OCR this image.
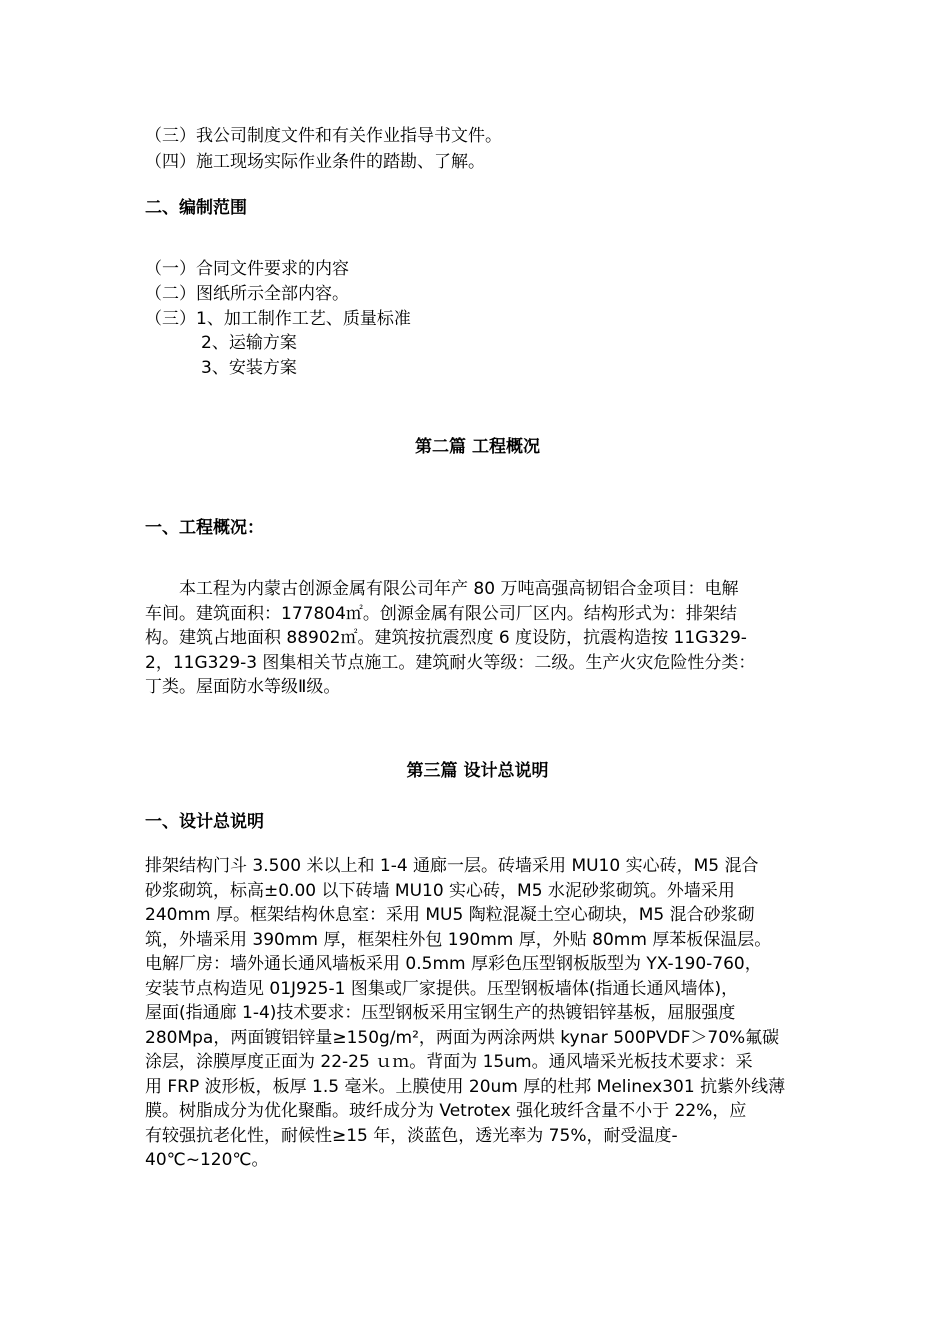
（三）我公司制度文件和有关作业指导书文件。
（四）施工现场实际作业条件的踏勘、了解。
二、编制范围
（一）合同文件要求的内容
（二）图纸所示全部内容。
（三）1、加工制作工艺、质量标准
2、运输方案
3、安装方案
第二篇 工程概况
一、工程概况：
　　本工程为内蒙古创源金属有限公司年产 80 万吨高强高韧铝合金项目：电解
车间。建筑面积：177804㎡。创源金属有限公司厂区内。结构形式为：排架结
构。建筑占地面积 88902㎡。建筑按抗震烈度 6 度设防，抗震构造按 11G329-
2，11G329-3 图集相关节点施工。建筑耐火等级：二级。生产火灾危险性分类：
丁类。屋面防水等级Ⅱ级。
第三篇 设计总说明
一、设计总说明
排架结构门斗 3.500 米以上和 1-4 通廊一层。砖墙采用 MU10 实心砖，M5 混合
砂浆砌筑，标高±0.00 以下砖墙 MU10 实心砖，M5 水泥砂浆砌筑。外墙采用
240mm 厚。框架结构休息室：采用 MU5 陶粒混凝土空心砌块，M5 混合砂浆砌
筑，外墙采用 390mm 厚，框架柱外包 190mm 厚，外贴 80mm 厚苯板保温层。
电解厂房：墙外通长通风墙板采用 0.5mm 厚彩色压型钢板版型为 YX-190-760，
安装节点构造见 01J925-1 图集或厂家提供。压型钢板墙体(指通长通风墙体)，
屋面(指通廊 1-4)技术要求：压型钢板采用宝钢生产的热镀铝锌基板，屈服强度
280Mpa，两面镀铝锌量≥150g/m²，两面为两涂两烘 kynar 500PVDF＞70%氟碳
涂层，涂膜厚度正面为 22-25 ｕｍ。背面为 15um。通风墙采光板技术要求：采
用 FRP 波形板，板厚 1.5 毫米。上膜使用 20um 厚的杜邦 Melinex301 抗紫外线薄
膜。树脂成分为优化聚酯。玻纤成分为 Vetrotex 强化玻纤含量不小于 22%，应
有较强抗老化性，耐候性≥15 年，淡蓝色，透光率为 75%，耐受温度-
40℃~120℃。
